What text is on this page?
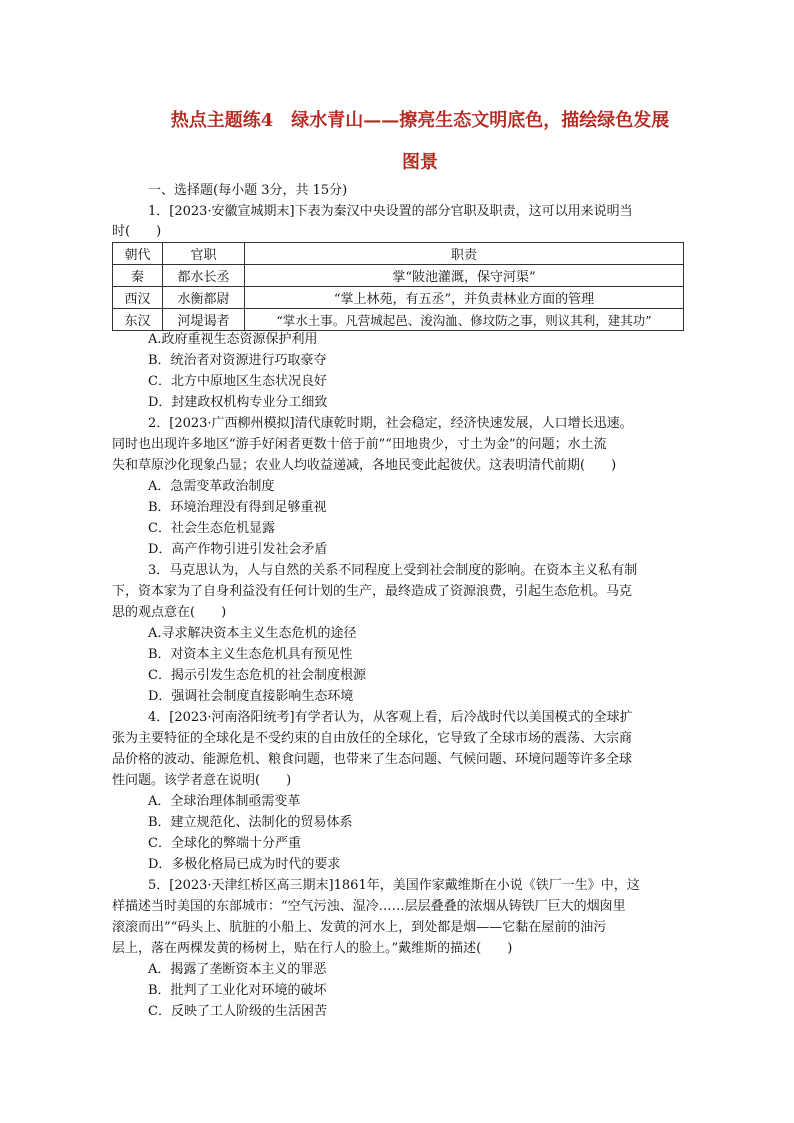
热点主题练4　绿水青山——擦亮生态文明底色，描绘绿色发展
图景
一、选择题(每小题 3分，共 15分)
1．[2023·安徽宣城期末]下表为秦汉中央设置的部分官职及职责，这可以用来说明当
时(　　)
朝代	官职	职责
秦	都水长丞	掌“陂池灌溉，保守河渠”
西汉	水衡都尉	“掌上林苑，有五丞”，并负责林业方面的管理
东汉	河堤谒者	“掌水土事。凡营城起邑、浚沟洫、修坟防之事，则议其利，建其功”
A.政府重视生态资源保护利用
B．统治者对资源进行巧取豪夺
C．北方中原地区生态状况良好
D．封建政权机构专业分工细致
2．[2023·广西柳州模拟]清代康乾时期，社会稳定，经济快速发展，人口增长迅速。
同时也出现许多地区“游手好闲者更数十倍于前”“田地贵少，寸土为金”的问题；水土流
失和草原沙化现象凸显；农业人均收益递减，各地民变此起彼伏。这表明清代前期(　　)
A．急需变革政治制度
B．环境治理没有得到足够重视
C．社会生态危机显露
D．高产作物引进引发社会矛盾
3．马克思认为，人与自然的关系不同程度上受到社会制度的影响。在资本主义私有制
下，资本家为了自身利益没有任何计划的生产，最终造成了资源浪费，引起生态危机。马克
思的观点意在(　　)
A.寻求解决资本主义生态危机的途径
B．对资本主义生态危机具有预见性
C．揭示引发生态危机的社会制度根源
D．强调社会制度直接影响生态环境
4．[2023·河南洛阳统考]有学者认为，从客观上看，后冷战时代以美国模式的全球扩
张为主要特征的全球化是不受约束的自由放任的全球化，它导致了全球市场的震荡、大宗商
品价格的波动、能源危机、粮食问题，也带来了生态问题、气候问题、环境问题等许多全球
性问题。该学者意在说明(　　)
A．全球治理体制亟需变革
B．建立规范化、法制化的贸易体系
C．全球化的弊端十分严重
D．多极化格局已成为时代的要求
5．[2023·天津红桥区高三期末]1861年，美国作家戴维斯在小说《铁厂一生》中，这
样描述当时美国的东部城市：“空气污浊、湿冷……层层叠叠的浓烟从铸铁厂巨大的烟囱里
滚滚而出”“码头上、肮脏的小船上、发黄的河水上，到处都是烟——它黏在屋前的油污
层上，落在两棵发黄的杨树上，贴在行人的脸上。”戴维斯的描述(　　)
A．揭露了垄断资本主义的罪恶
B．批判了工业化对环境的破坏
C．反映了工人阶级的生活困苦
